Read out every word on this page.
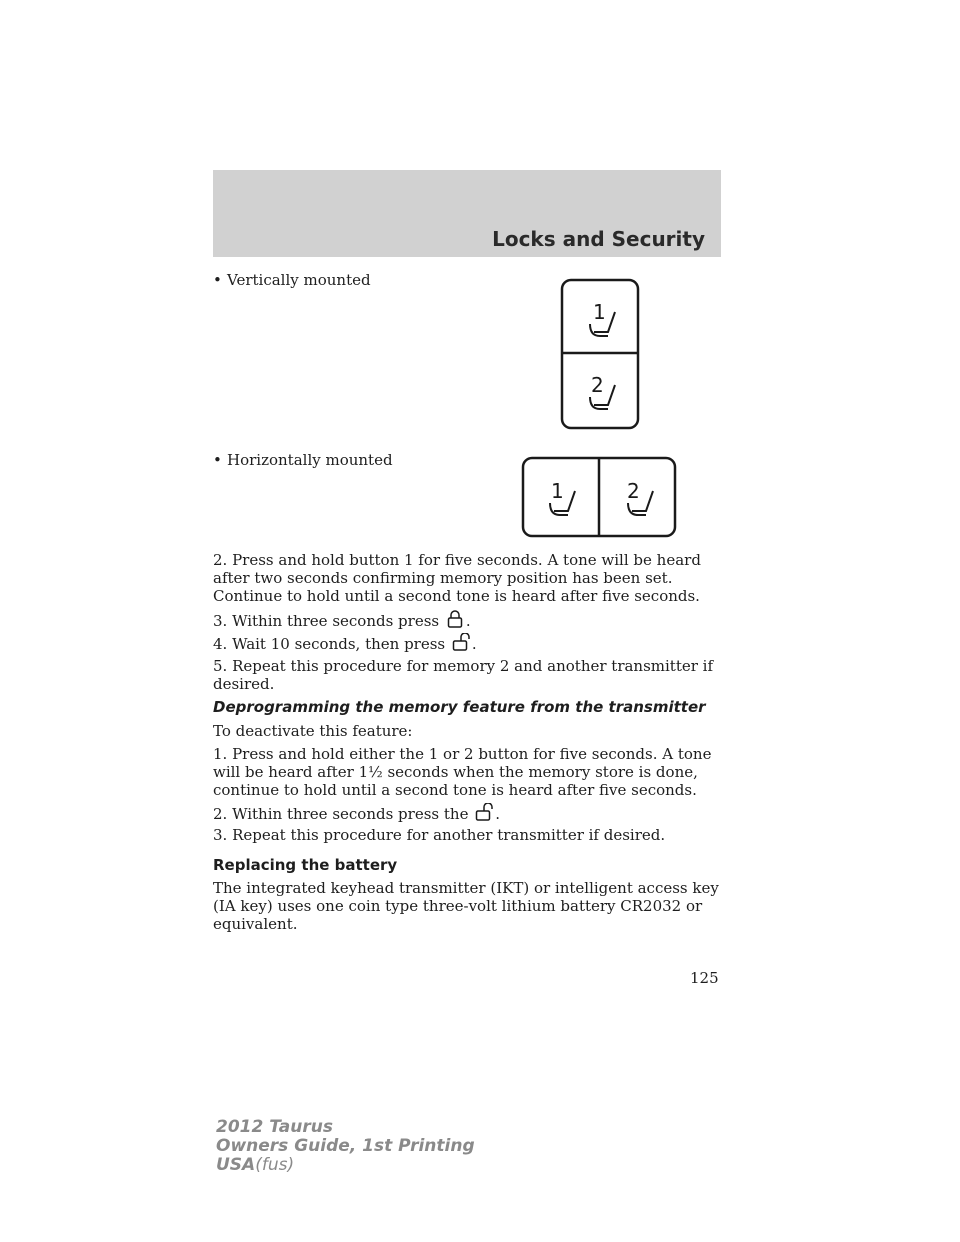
Locks and Security
• Vertically mounted
1
2
• Horizontally mounted
1	2

2. Press and hold button 1 for five seconds. A tone will be heard after two seconds confirming memory position has been set. Continue to hold until a second tone is heard after five seconds.

3. Within three seconds press .
4. Wait 10 seconds, then press .

5. Repeat this procedure for memory 2 and another transmitter if desired.

Deprogramming the memory feature from the transmitter

To deactivate this feature:

1. Press and hold either the 1 or 2 button for five seconds. A tone will be heard after 1½ seconds when the memory store is done, continue to hold until a second tone is heard after five seconds.

2. Within three seconds press the .

3. Repeat this procedure for another transmitter if desired.

Replacing the battery

The integrated keyhead transmitter (IKT) or intelligent access key (IA key) uses one coin type three-volt lithium battery CR2032 or equivalent.

125
2012 Taurus
Owners Guide, 1st Printing
USA(fus)
